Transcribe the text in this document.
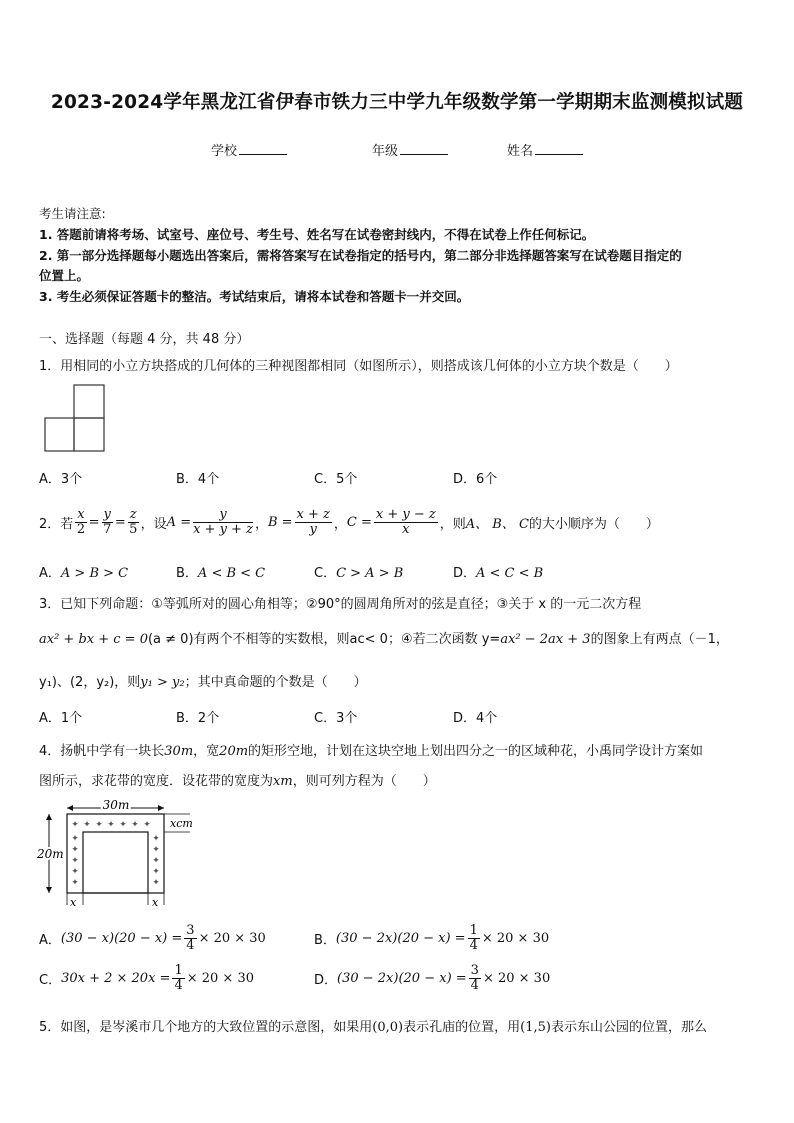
2023-2024学年黑龙江省伊春市铁力三中学九年级数学第一学期期末监测模拟试题
学校	年级	姓名
考生请注意:
1. 答题前请将考场、试室号、座位号、考生号、姓名写在试卷密封线内，不得在试卷上作任何标记。
2. 第一部分选择题每小题选出答案后，需将答案写在试卷指定的括号内，第二部分非选择题答案写在试卷题目指定的
位置上。
3. 考生必须保证答题卡的整洁。考试结束后，请将本试卷和答题卡一并交回。
一、选择题（每题 4 分，共 48 分）
1．用相同的小立方块搭成的几何体的三种视图都相同（如图所示），则搭成该几何体的小立方块个数是（　　）
A．3个	B．4个	C．5个	D．6个
2．若 $\frac{x}{2} = \frac{y}{7} = \frac{z}{5}$ ，设 $A = \frac{y}{x + y + z}$ ， $B = \frac{x + z}{y}$ ， $C = \frac{x + y - z}{x}$ ，则 A、 B、 C 的大小顺序为（　　）
A．A > B > C	B．A < B < C	C．C > A > B	D．A < C < B
3．已知下列命题：①等弧所对的圆心角相等；②90°的圆周角所对的弦是直径；③关于 x 的一元二次方程
ax² + bx + c = 0(a ≠ 0)有两个不相等的实数根，则ac< 0；④若二次函数 y=ax² − 2ax + 3的图象上有两点（－1，
y₁)、(2，y₂)，则y₁ > y₂；其中真命题的个数是（　　）
A．1个	B．2个	C．3个	D．4个
4．扬帆中学有一块长30m，宽20m的矩形空地，计划在这块空地上划出四分之一的区域种花，小禹同学设计方案如
图所示，求花带的宽度．设花带的宽度为xm，则可列方程为（　　）
30m
20m
xcm
x	x
✦ ✦ ✦ ✦ ✦ ✦ ✦
✦
✦
✦
✦
✦
✦
✦
✦
✦
✦
A． $(30 - x)(20 - x) = \frac{3}{4} \times 20 \times 30$	B． $(30 - 2x)(20 - x) = \frac{1}{4} \times 20 \times 30$
C． $30x + 2 \times 20x = \frac{1}{4} \times 20 \times 30$	D． $(30 - 2x)(20 - x) = \frac{3}{4} \times 20 \times 30$
5．如图，是岑溪市几个地方的大致位置的示意图，如果用(0,0)表示孔庙的位置，用(1,5)表示东山公园的位置，那么
